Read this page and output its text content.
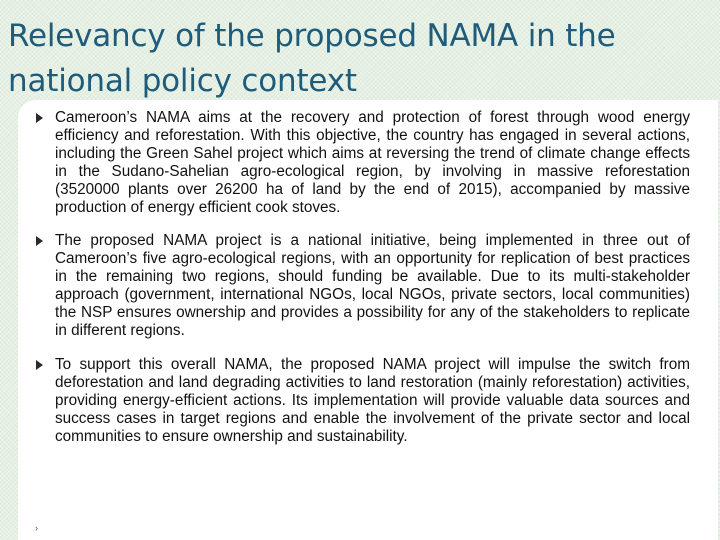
Relevancy of the proposed NAMA in the national policy context
Cameroon’s NAMA aims at the recovery and protection of forest through wood energy efficiency and reforestation. With this objective, the country has engaged in several actions, including the Green Sahel project which aims at reversing the trend of climate change effects in the Sudano-Sahelian agro-ecological region, by involving in massive reforestation (3520000 plants over 26200 ha of land by the end of 2015), accompanied by massive production of energy efficient cook stoves.
The proposed NAMA project is a national initiative, being implemented in three out of Cameroon’s five agro-ecological regions, with an opportunity for replication of best practices in the remaining two regions, should funding be available. Due to its multi-stakeholder approach (government, international NGOs, local NGOs, private sectors, local communities) the NSP ensures ownership and provides a possibility for any of the stakeholders to replicate in different regions.
To support this overall NAMA, the proposed NAMA project will impulse the switch from deforestation and land degrading activities to land restoration (mainly reforestation) activities, providing energy-efficient actions. Its implementation will provide valuable data sources and success cases in target regions and enable the involvement of the private sector and local communities to ensure ownership and sustainability.
›
